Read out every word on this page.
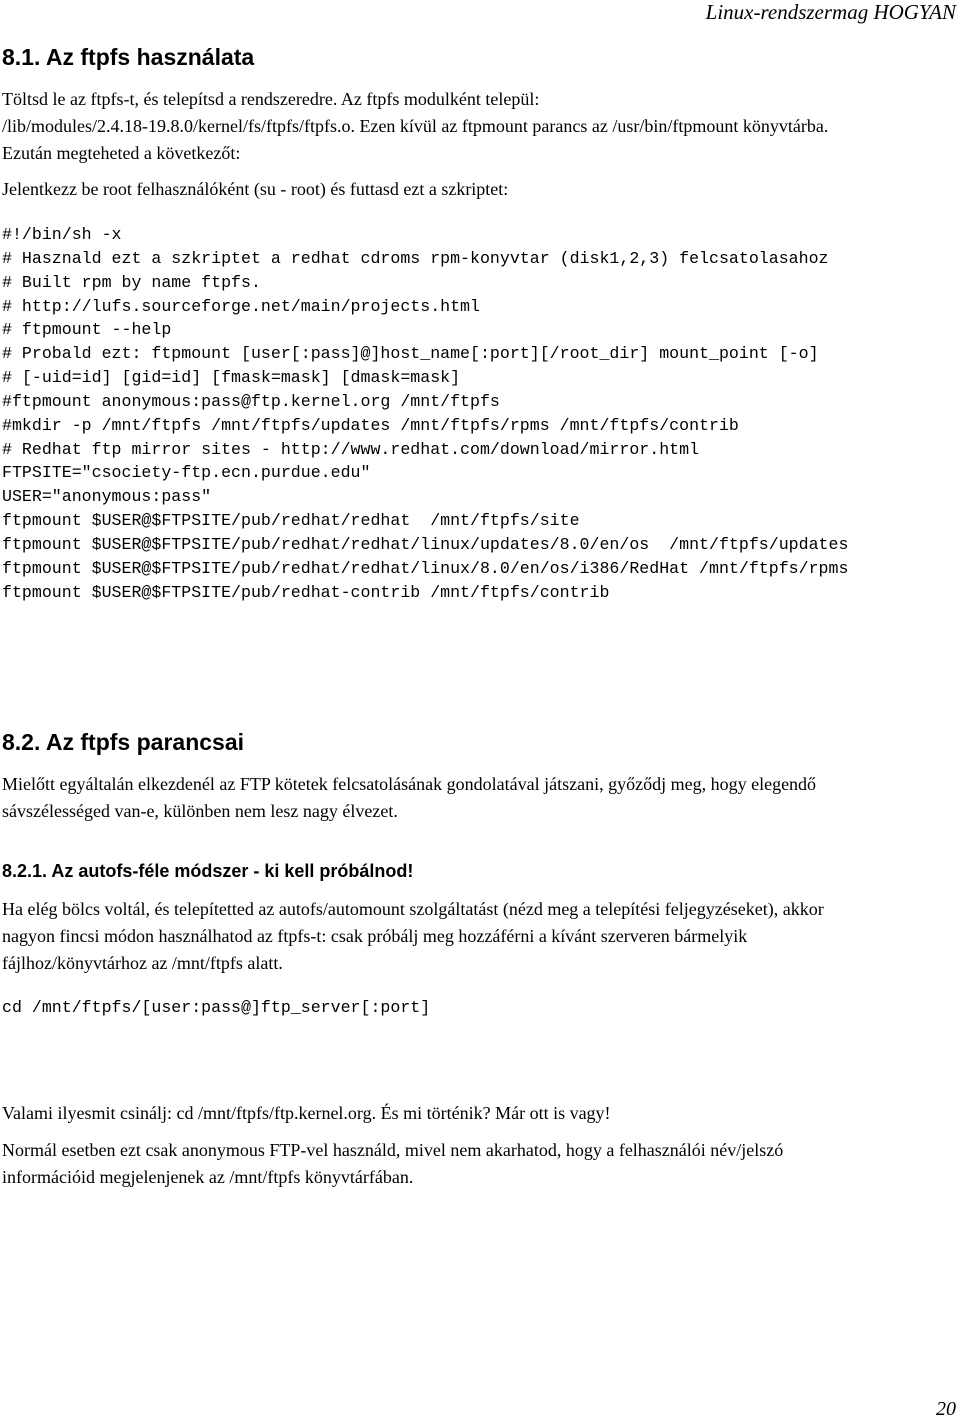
Linux-rendszermag HOGYAN
8.1. Az ftpfs használata

Töltsd le az ftpfs-t, és telepítsd a rendszeredre. Az ftpfs modulként települ:
/lib/modules/2.4.18-19.8.0/kernel/fs/ftpfs/ftpfs.o. Ezen kívül az ftpmount parancs az /usr/bin/ftpmount könyvtárba.
Ezután megteheted a következőt:

Jelentkezz be root felhasználóként (su - root) és futtasd ezt a szkriptet:

#!/bin/sh -x
# Hasznald ezt a szkriptet a redhat cdroms rpm-konyvtar (disk1,2,3) felcsatolasahoz
# Built rpm by name ftpfs.
# http://lufs.sourceforge.net/main/projects.html
# ftpmount --help
# Probald ezt: ftpmount [user[:pass]@]host_name[:port][/root_dir] mount_point [-o]
# [-uid=id] [gid=id] [fmask=mask] [dmask=mask]
#ftpmount anonymous:pass@ftp.kernel.org /mnt/ftpfs
#mkdir -p /mnt/ftpfs /mnt/ftpfs/updates /mnt/ftpfs/rpms /mnt/ftpfs/contrib
# Redhat ftp mirror sites - http://www.redhat.com/download/mirror.html
FTPSITE="csociety-ftp.ecn.purdue.edu"
USER="anonymous:pass"
ftpmount $USER@$FTPSITE/pub/redhat/redhat  /mnt/ftpfs/site
ftpmount $USER@$FTPSITE/pub/redhat/redhat/linux/updates/8.0/en/os  /mnt/ftpfs/updates
ftpmount $USER@$FTPSITE/pub/redhat/redhat/linux/8.0/en/os/i386/RedHat /mnt/ftpfs/rpms
ftpmount $USER@$FTPSITE/pub/redhat-contrib /mnt/ftpfs/contrib
8.2. Az ftpfs parancsai

Mielőtt egyáltalán elkezdenél az FTP kötetek felcsatolásának gondolatával játszani, győződj meg, hogy elegendő
sávszélességed van-e, különben nem lesz nagy élvezet.

8.2.1. Az autofs-féle módszer - ki kell próbálnod!

Ha elég bölcs voltál, és telepítetted az autofs/automount szolgáltatást (nézd meg a telepítési feljegyzéseket), akkor
nagyon fincsi módon használhatod az ftpfs-t: csak próbálj meg hozzáférni a kívánt szerveren bármelyik
fájlhoz/könyvtárhoz az /mnt/ftpfs alatt.

cd /mnt/ftpfs/[user:pass@]ftp_server[:port]

Valami ilyesmit csinálj: cd /mnt/ftpfs/ftp.kernel.org. És mi történik? Már ott is vagy!

Normál esetben ezt csak anonymous FTP-vel használd, mivel nem akarhatod, hogy a felhasználói név/jelszó
információid megjelenjenek az /mnt/ftpfs könyvtárfában.

20
